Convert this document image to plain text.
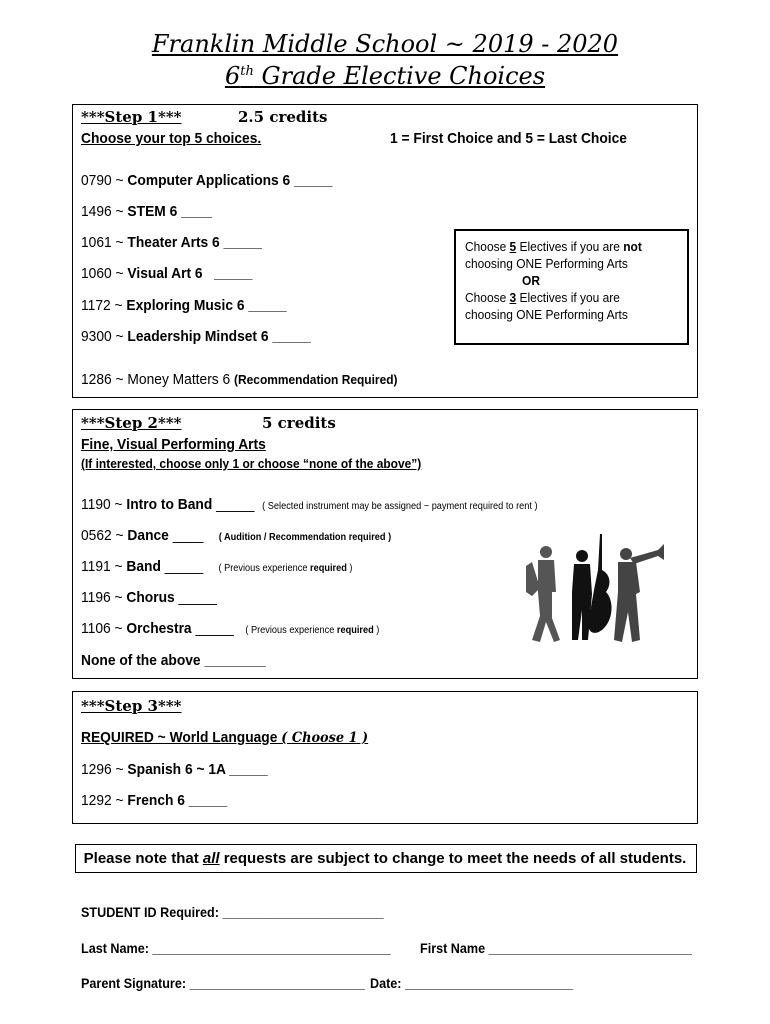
Franklin Middle School ~ 2019 - 2020
6th Grade Elective Choices
***Step 1***	2.5 credits
Choose your top 5 choices.	1 = First Choice and 5 = Last Choice
0790 ~ Computer Applications 6 _____
1496 ~ STEM 6 ____
1061 ~ Theater Arts 6 _____
1060 ~ Visual Art 6   _____
1172 ~ Exploring Music 6 _____
9300 ~ Leadership Mindset 6 _____
1286 ~ Money Matters 6 (Recommendation Required)
Choose 5 Electives if you are not
choosing ONE Performing Arts
OR
Choose 3 Electives if you are
choosing ONE Performing Arts
***Step 2***	5 credits
Fine, Visual Performing Arts
(If interested, choose only 1 or choose “none of the above”)
1190 ~ Intro to Band _____ ( Selected instrument may be assigned ~ payment required to rent )
0562 ~ Dance ____ ( Audition / Recommendation required )
1191 ~ Band _____ ( Previous experience required )
1196 ~ Chorus _____
1106 ~ Orchestra _____ ( Previous experience required )
None of the above ________
***Step 3***
REQUIRED ~ World Language ( Choose 1 )
1296 ~ Spanish 6 ~ 1A _____
1292 ~ French 6 _____
Please note that all requests are subject to change to meet the needs of all students.
STUDENT ID Required: _______________________
Last Name: __________________________________ First Name _____________________________
Parent Signature: _________________________ Date: ________________________
